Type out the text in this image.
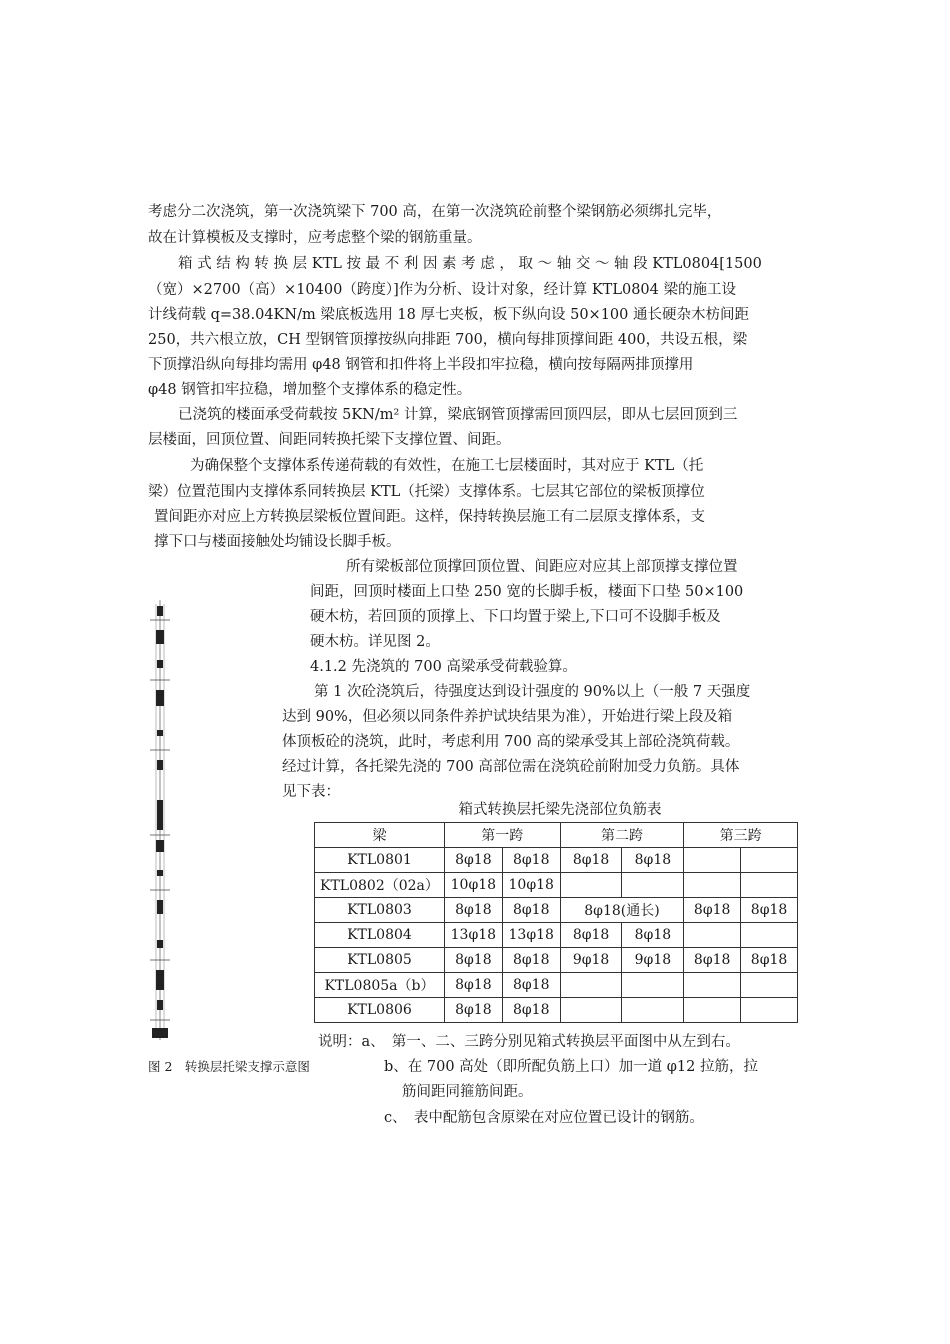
考虑分二次浇筑，第一次浇筑梁下 700 高，在第一次浇筑砼前整个梁钢筋必须绑扎完毕，
故在计算模板及支撑时，应考虑整个梁的钢筋重量。
箱 式 结 构 转 换 层 KTL 按 最 不 利 因 素 考 虑 ， 取 ～ 轴 交 ～ 轴 段 KTL0804[1500
（宽）×2700（高）×10400（跨度）]作为分析、设计对象，经计算 KTL0804 梁的施工设
计线荷载 q=38.04KN/m 梁底板选用 18 厚七夹板，板下纵向设 50×100 通长硬杂木枋间距
250，共六根立放，CH 型钢管顶撑按纵向排距 700，横向每排顶撑间距 400，共设五根，梁
下顶撑沿纵向每排均需用 φ48 钢管和扣件将上半段扣牢拉稳，横向按每隔两排顶撑用
φ48 钢管扣牢拉稳，增加整个支撑体系的稳定性。
已浇筑的楼面承受荷载按 5KN/m² 计算，梁底钢管顶撑需回顶四层，即从七层回顶到三
层楼面，回顶位置、间距同转换托梁下支撑位置、间距。
为确保整个支撑体系传递荷载的有效性，在施工七层楼面时，其对应于 KTL（托
梁）位置范围内支撑体系同转换层 KTL（托梁）支撑体系。七层其它部位的梁板顶撑位
置间距亦对应上方转换层梁板位置间距。这样，保持转换层施工有二层原支撑体系，支
撑下口与楼面接触处均铺设长脚手板。
所有梁板部位顶撑回顶位置、间距应对应其上部顶撑支撑位置
间距，回顶时楼面上口垫 250 宽的长脚手板，楼面下口垫 50×100
硬木枋，若回顶的顶撑上、下口均置于梁上,下口可不设脚手板及
硬木枋。详见图 2。
4.1.2 先浇筑的 700 高梁承受荷载验算。
第 1 次砼浇筑后，待强度达到设计强度的 90%以上（一般 7 天强度
达到 90%，但必须以同条件养护试块结果为准），开始进行梁上段及箱
体顶板砼的浇筑，此时，考虑利用 700 高的梁承受其上部砼浇筑荷载。
经过计算，各托梁先浇的 700 高部位需在浇筑砼前附加受力负筋。具体
见下表：
图 2　转换层托梁支撑示意图
箱式转换层托梁先浇部位负筋表
梁	第一跨		第二跨		第三跨	
KTL0801	8φ18	8φ18	8φ18	8φ18		
KTL0802（02a）	10φ18	10φ18				
KTL0803	8φ18	8φ18	8φ18(通长)		8φ18	8φ18
KTL0804	13φ18	13φ18	8φ18	8φ18		
KTL0805	8φ18	8φ18	9φ18	9φ18	8φ18	8φ18
KTL0805a（b）	8φ18	8φ18				
KTL0806	8φ18	8φ18				
说明：a、　第一、二、三跨分别见箱式转换层平面图中从左到右。
b、在 700 高处（即所配负筋上口）加一道 φ12 拉筋，拉
筋间距同箍筋间距。
c、　表中配筋包含原梁在对应位置已设计的钢筋。
